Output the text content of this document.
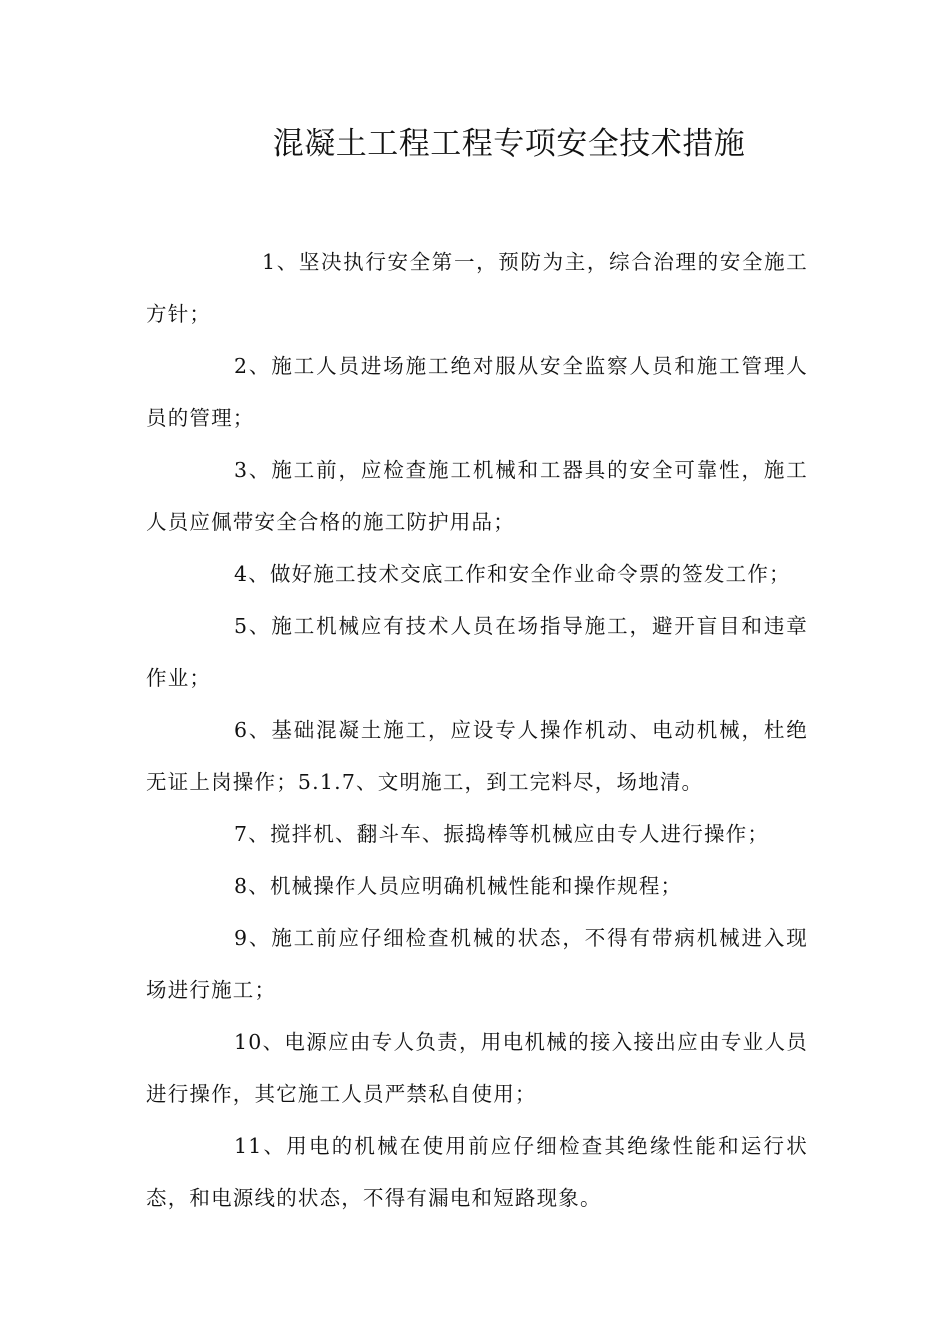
混凝土工程工程专项安全技术措施

1、坚决执行安全第一，预防为主，综合治理的安全施工方针；

2、施工人员进场施工绝对服从安全监察人员和施工管理人员的管理；

3、施工前，应检查施工机械和工器具的安全可靠性，施工人员应佩带安全合格的施工防护用品；

4、做好施工技术交底工作和安全作业命令票的签发工作；

5、施工机械应有技术人员在场指导施工，避开盲目和违章作业；

6、基础混凝土施工，应设专人操作机动、电动机械，杜绝无证上岗操作；5.1.7、文明施工，到工完料尽，场地清。

7、搅拌机、翻斗车、振捣棒等机械应由专人进行操作；

8、机械操作人员应明确机械性能和操作规程；

9、施工前应仔细检查机械的状态，不得有带病机械进入现场进行施工；

10、电源应由专人负责，用电机械的接入接出应由专业人员进行操作，其它施工人员严禁私自使用；

11、用电的机械在使用前应仔细检查其绝缘性能和运行状态，和电源线的状态，不得有漏电和短路现象。
